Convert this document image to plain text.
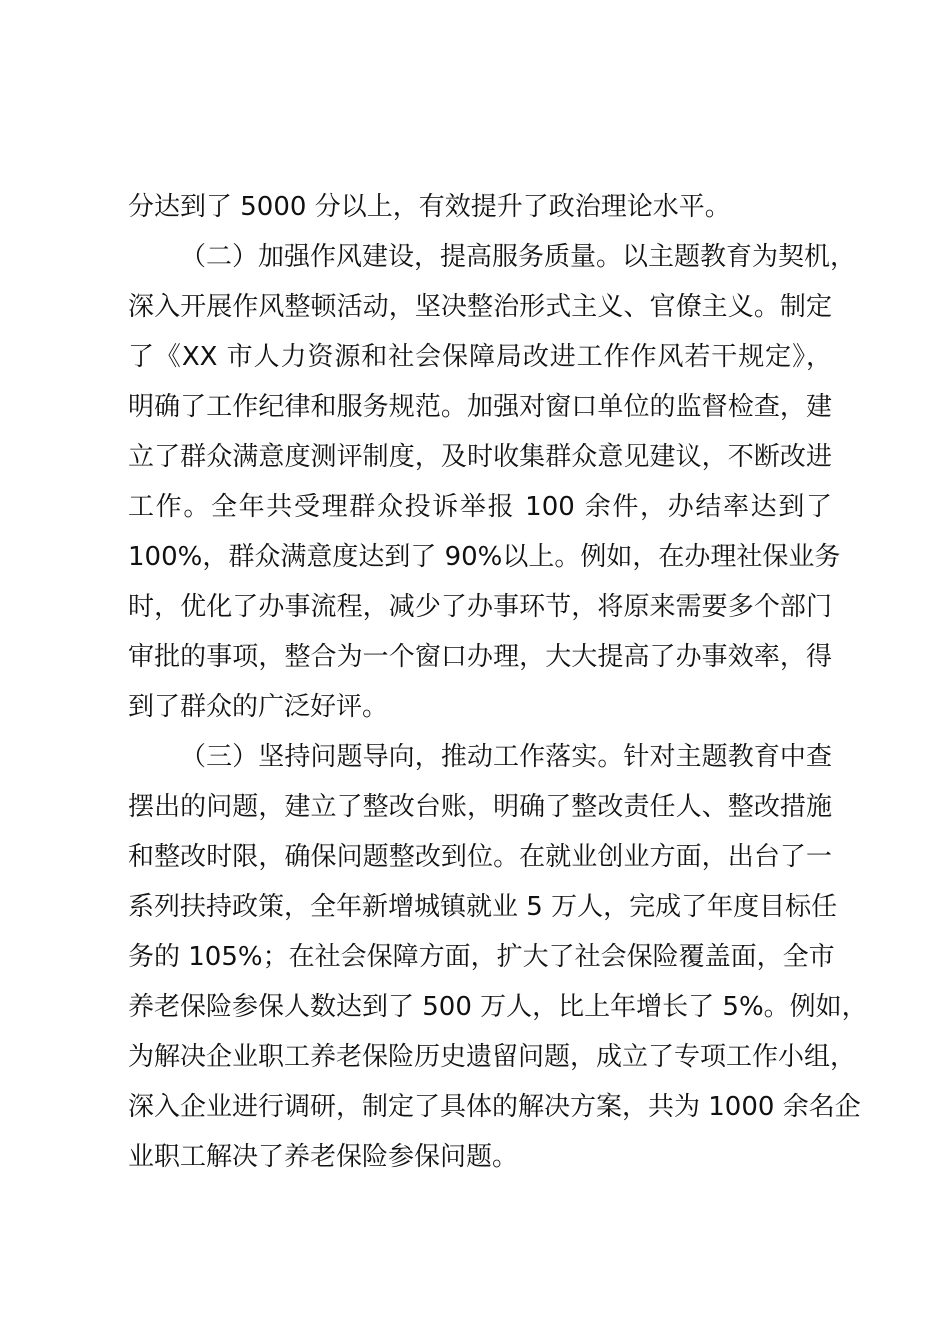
分达到了 5000 分以上，有效提升了政治理论水平。
（二）加强作风建设，提高服务质量。以主题教育为契机，
深入开展作风整顿活动，坚决整治形式主义、官僚主义。制定
了《XX 市人力资源和社会保障局改进工作作风若干规定》，
明确了工作纪律和服务规范。加强对窗口单位的监督检查，建
立了群众满意度测评制度，及时收集群众意见建议，不断改进
工作。全年共受理群众投诉举报 100 余件，办结率达到了
100%，群众满意度达到了 90%以上。例如，在办理社保业务
时，优化了办事流程，减少了办事环节，将原来需要多个部门
审批的事项，整合为一个窗口办理，大大提高了办事效率，得
到了群众的广泛好评。
（三）坚持问题导向，推动工作落实。针对主题教育中查
摆出的问题，建立了整改台账，明确了整改责任人、整改措施
和整改时限，确保问题整改到位。在就业创业方面，出台了一
系列扶持政策，全年新增城镇就业 5 万人，完成了年度目标任
务的 105%；在社会保障方面，扩大了社会保险覆盖面，全市
养老保险参保人数达到了 500 万人，比上年增长了 5%。例如，
为解决企业职工养老保险历史遗留问题，成立了专项工作小组，
深入企业进行调研，制定了具体的解决方案，共为 1000 余名企
业职工解决了养老保险参保问题。
